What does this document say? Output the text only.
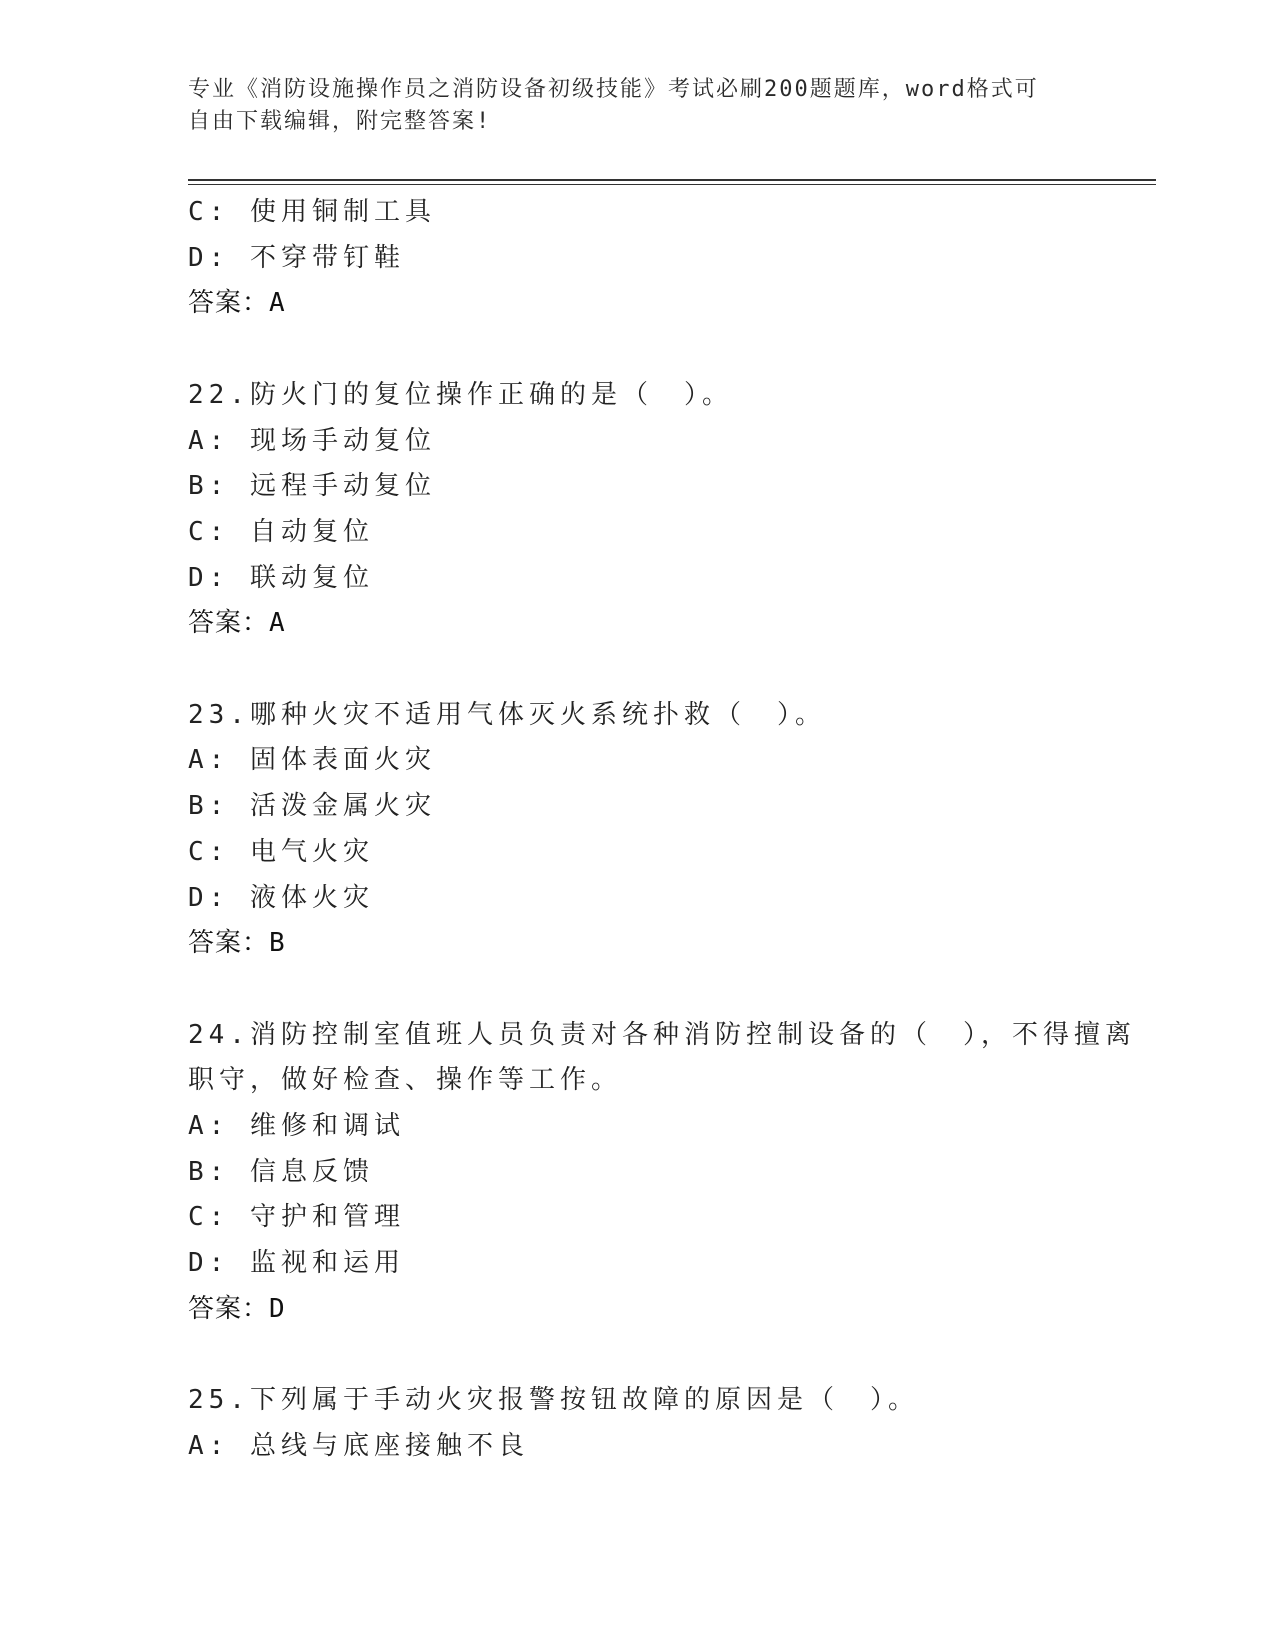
专业《消防设施操作员之消防设备初级技能》考试必刷200题题库，word格式可
自由下载编辑，附完整答案!
C: 使用铜制工具
D: 不穿带钉鞋
答案：A
22.防火门的复位操作正确的是（　）。
A: 现场手动复位
B: 远程手动复位
C: 自动复位
D: 联动复位
答案：A
23.哪种火灾不适用气体灭火系统扑救（　）。
A: 固体表面火灾
B: 活泼金属火灾
C: 电气火灾
D: 液体火灾
答案：B
24.消防控制室值班人员负责对各种消防控制设备的（　），不得擅离
职守，做好检查、操作等工作。
A: 维修和调试
B: 信息反馈
C: 守护和管理
D: 监视和运用
答案：D
25.下列属于手动火灾报警按钮故障的原因是（　）。
A: 总线与底座接触不良
